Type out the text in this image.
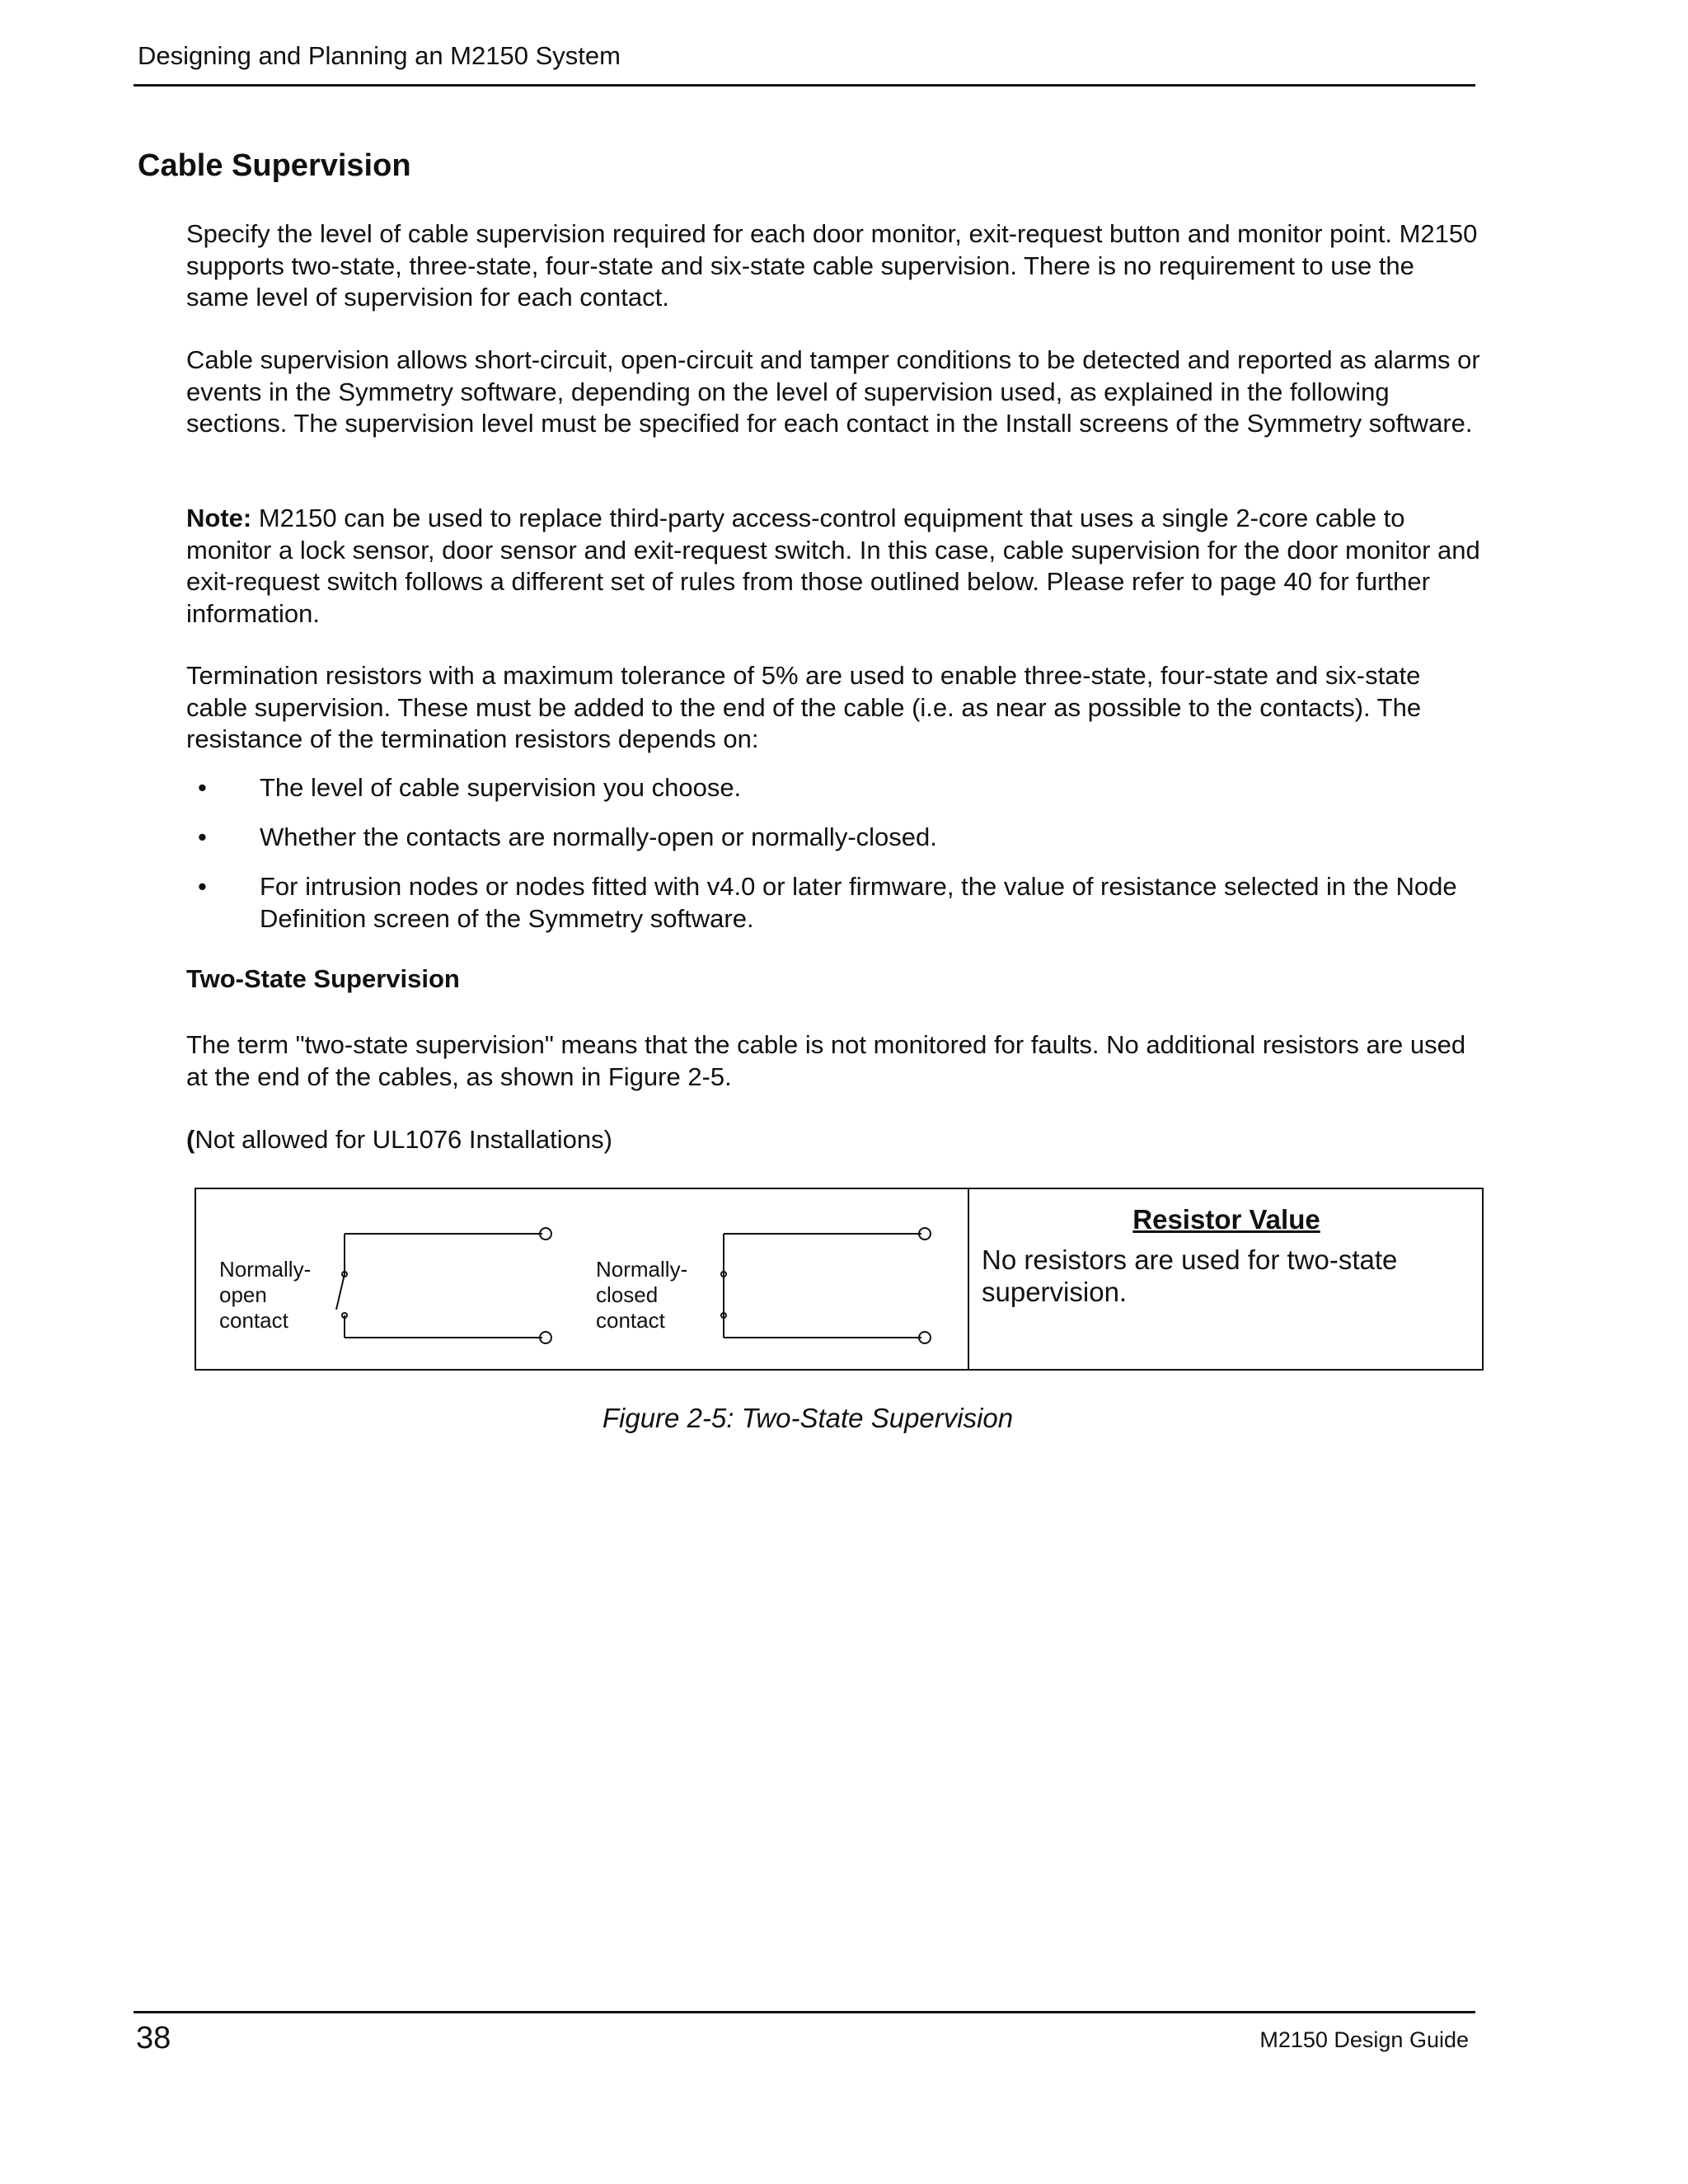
Designing and Planning an M2150 System
Cable Supervision

Specify the level of cable supervision required for each door monitor, exit-request button and monitor point. M2150 supports two-state, three-state, four-state and six-state cable supervision. There is no requirement to use the same level of supervision for each contact.

Cable supervision allows short-circuit, open-circuit and tamper conditions to be detected and reported as alarms or events in the Symmetry software, depending on the level of supervision used, as explained in the following sections. The supervision level must be specified for each contact in the Install screens of the Symmetry software.

Note: M2150 can be used to replace third-party access-control equipment that uses a single 2-core cable to monitor a lock sensor, door sensor and exit-request switch. In this case, cable supervision for the door monitor and exit-request switch follows a different set of rules from those outlined below. Please refer to page 40 for further information.

Termination resistors with a maximum tolerance of 5% are used to enable three-state, four-state and six-state cable supervision. These must be added to the end of the cable (i.e. as near as possible to the contacts). The resistance of the termination resistors depends on:

• The level of cable supervision you choose.
• Whether the contacts are normally-open or normally-closed.
• For intrusion nodes or nodes fitted with v4.0 or later firmware, the value of resistance selected in the Node Definition screen of the Symmetry software.
Two-State Supervision

The term "two-state supervision" means that the cable is not monitored for faults. No additional resistors are used at the end of the cables, as shown in Figure 2-5.

(Not allowed for UL1076 Installations)

Normally-
open
contact
Normally-
closed
contact
Resistor Value
No resistors are used for two-state supervision.
Figure 2-5: Two-State Supervision
38	M2150 Design Guide
